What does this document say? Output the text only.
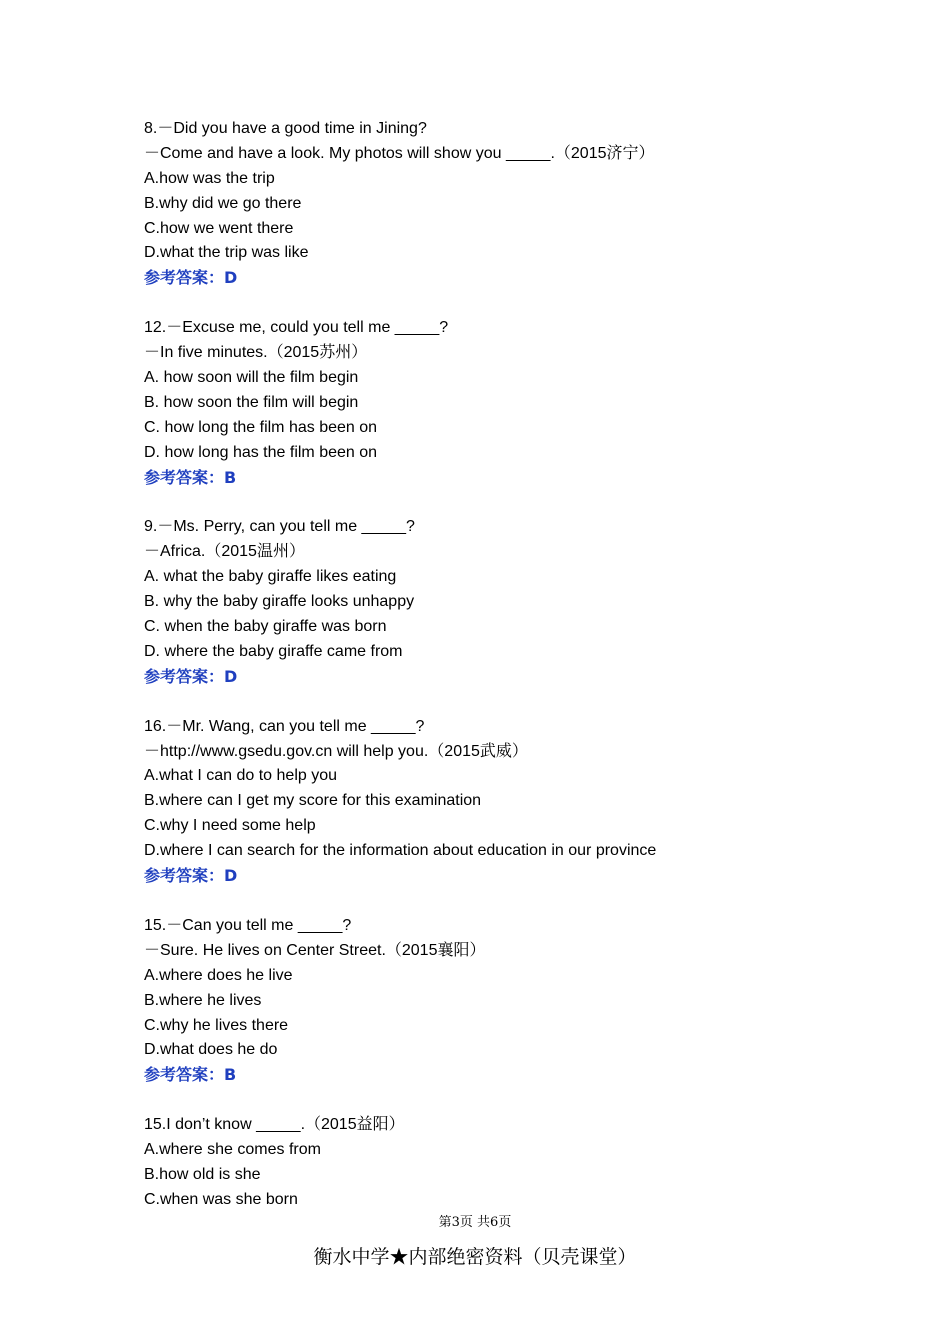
8.－Did you have a good time in Jining?
－Come and have a look. My photos will show you _____.（2015济宁）
A.how was the trip
B.why did we go there
C.how we went there
D.what the trip was like
参考答案：D
12.－Excuse me, could you tell me _____?
－In five minutes.（2015苏州）
A. how soon will the film begin
B. how soon the film will begin
C. how long the film has been on
D. how long has the film been on
参考答案：B
9.－Ms. Perry, can you tell me _____?
－Africa.（2015温州）
A. what the baby giraffe likes eating
B. why the baby giraffe looks unhappy
C. when the baby giraffe was born
D. where the baby giraffe came from
参考答案：D
16.－Mr. Wang, can you tell me _____?
－http://www.gsedu.gov.cn will help you.（2015武威）
A.what I can do to help you
B.where can I get my score for this examination
C.why I need some help
D.where I can search for the information about education in our province
参考答案：D
15.－Can you tell me _____?
－Sure. He lives on Center Street.（2015襄阳）
A.where does he live
B.where he lives
C.why he lives there
D.what does he do
参考答案：B
15.I don’t know _____.（2015益阳）
A.where she comes from
B.how old is she
C.when was she born
第3页 共6页
衡水中学★内部绝密资料（贝壳课堂）
